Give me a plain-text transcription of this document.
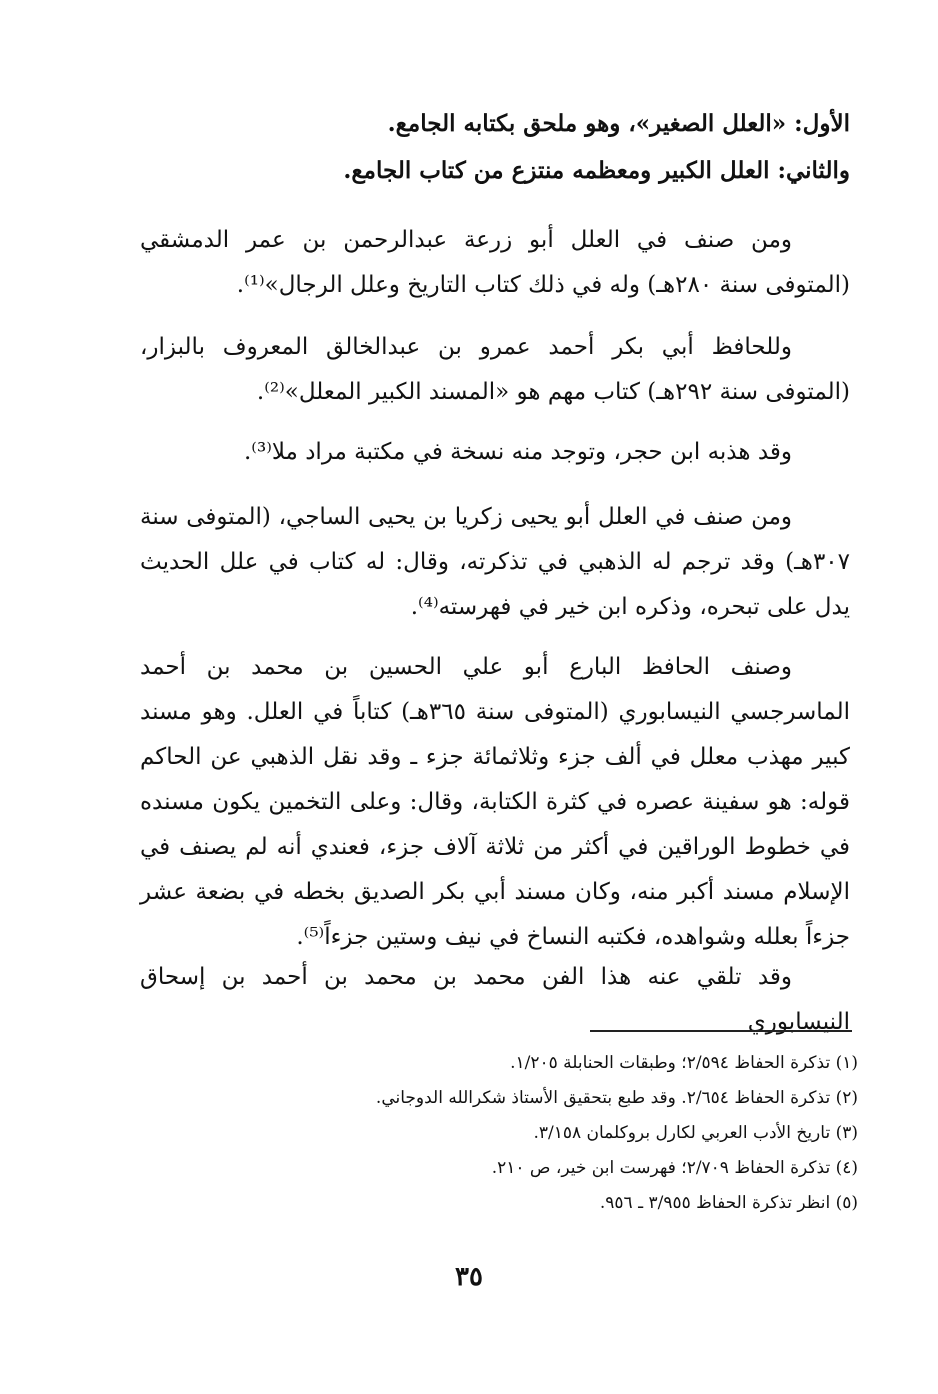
الأول: «العلل الصغير»، وهو ملحق بكتابه الجامع.
والثاني: العلل الكبير ومعظمه منتزع من كتاب الجامع.
ومن صنف في العلل أبو زرعة عبدالرحمن بن عمر الدمشقي (المتوفى سنة ٢٨٠هـ) وله في ذلك كتاب التاريخ وعلل الرجال»⁽¹⁾.
وللحافظ أبي بكر أحمد عمرو بن عبدالخالق المعروف بالبزار، (المتوفى سنة ٢٩٢هـ) كتاب مهم هو «المسند الكبير المعلل»⁽²⁾.
وقد هذبه ابن حجر، وتوجد منه نسخة في مكتبة مراد ملا⁽³⁾.
ومن صنف في العلل أبو يحيى زكريا بن يحيى الساجي، (المتوفى سنة ٣٠٧هـ) وقد ترجم له الذهبي في تذكرته، وقال: له كتاب في علل الحديث يدل على تبحره، وذكره ابن خير في فهرسته⁽⁴⁾.
وصنف الحافظ البارع أبو علي الحسين بن محمد بن أحمد الماسرجسي النيسابوري (المتوفى سنة ٣٦٥هـ) كتاباً في العلل. وهو مسند كبير مهذب معلل في ألف جزء وثلاثمائة جزء ـ وقد نقل الذهبي عن الحاكم قوله: هو سفينة عصره في كثرة الكتابة، وقال: وعلى التخمين يكون مسنده في خطوط الوراقين في أكثر من ثلاثة آلاف جزء، فعندي أنه لم يصنف في الإسلام مسند أكبر منه، وكان مسند أبي بكر الصديق بخطه في بضعة عشر جزءاً بعلله وشواهده، فكتبه النساخ في نيف وستين جزءاً⁽⁵⁾.
وقد تلقي عنه هذا الفن محمد بن محمد بن أحمد بن إسحاق النيسابوري
(١) تذكرة الحفاظ ٢/٥٩٤؛ وطبقات الحنابلة ١/٢٠٥.
(٢) تذكرة الحفاظ ٢/٦٥٤. وقد طبع بتحقيق الأستاذ شكرالله الدوجاني.
(٣) تاريخ الأدب العربي لكارل بروكلمان ٣/١٥٨.
(٤) تذكرة الحفاظ ٢/٧٠٩؛ فهرست ابن خير، ص ٢١٠.
(٥) انظر تذكرة الحفاظ ٣/٩٥٥ ـ ٩٥٦.
٣٥
